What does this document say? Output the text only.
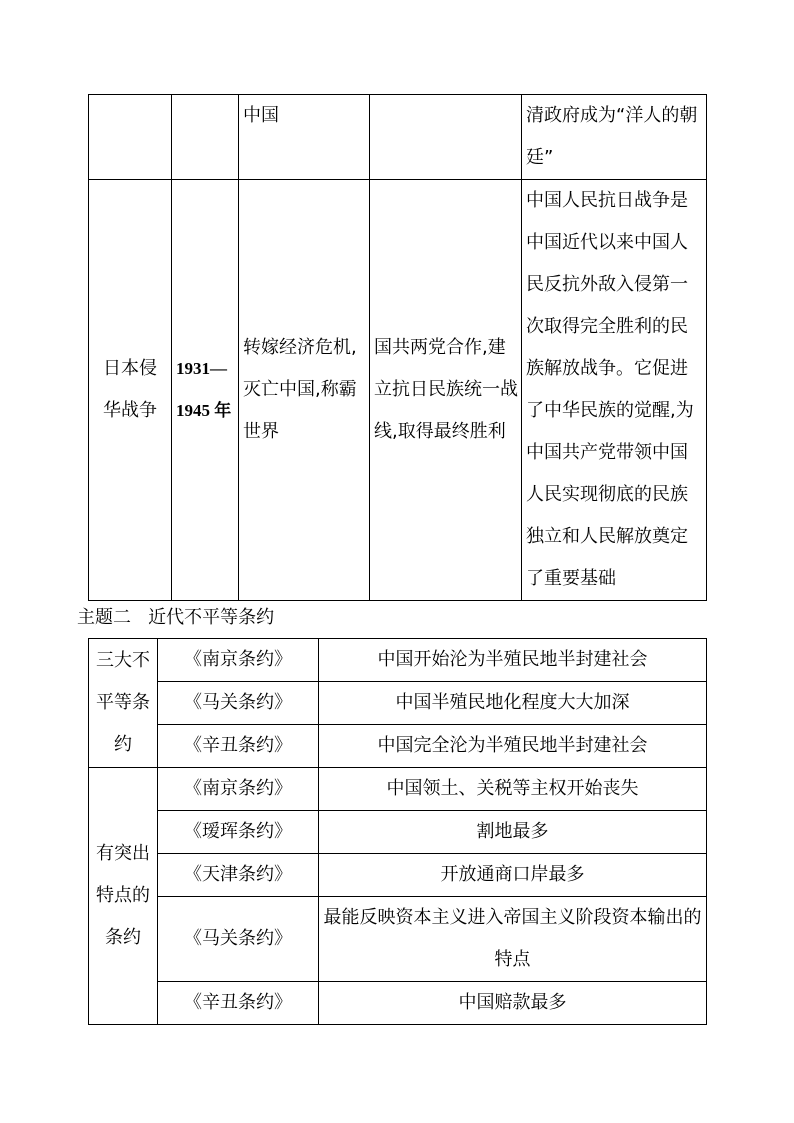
		中国		清政府成为“洋人的朝廷”

日本侵华战争	1931—1945 年	转嫁经济危机,灭亡中国,称霸世界	国共两党合作,建立抗日民族统一战线,取得最终胜利	中国人民抗日战争是中国近代以来中国人民反抗外敌入侵第一次取得完全胜利的民族解放战争。它促进了中华民族的觉醒,为中国共产党带领中国人民实现彻底的民族独立和人民解放奠定了重要基础
主题二 近代不平等条约
三大不平等条约	《南京条约》	中国开始沦为半殖民地半封建社会
	《马关条约》	中国半殖民地化程度大大加深
	《辛丑条约》	中国完全沦为半殖民地半封建社会

有突出特点的条约	《南京条约》	中国领土、关税等主权开始丧失
	《瑷珲条约》	割地最多
	《天津条约》	开放通商口岸最多
	《马关条约》	最能反映资本主义进入帝国主义阶段资本输出的特点

	《辛丑条约》	中国赔款最多
